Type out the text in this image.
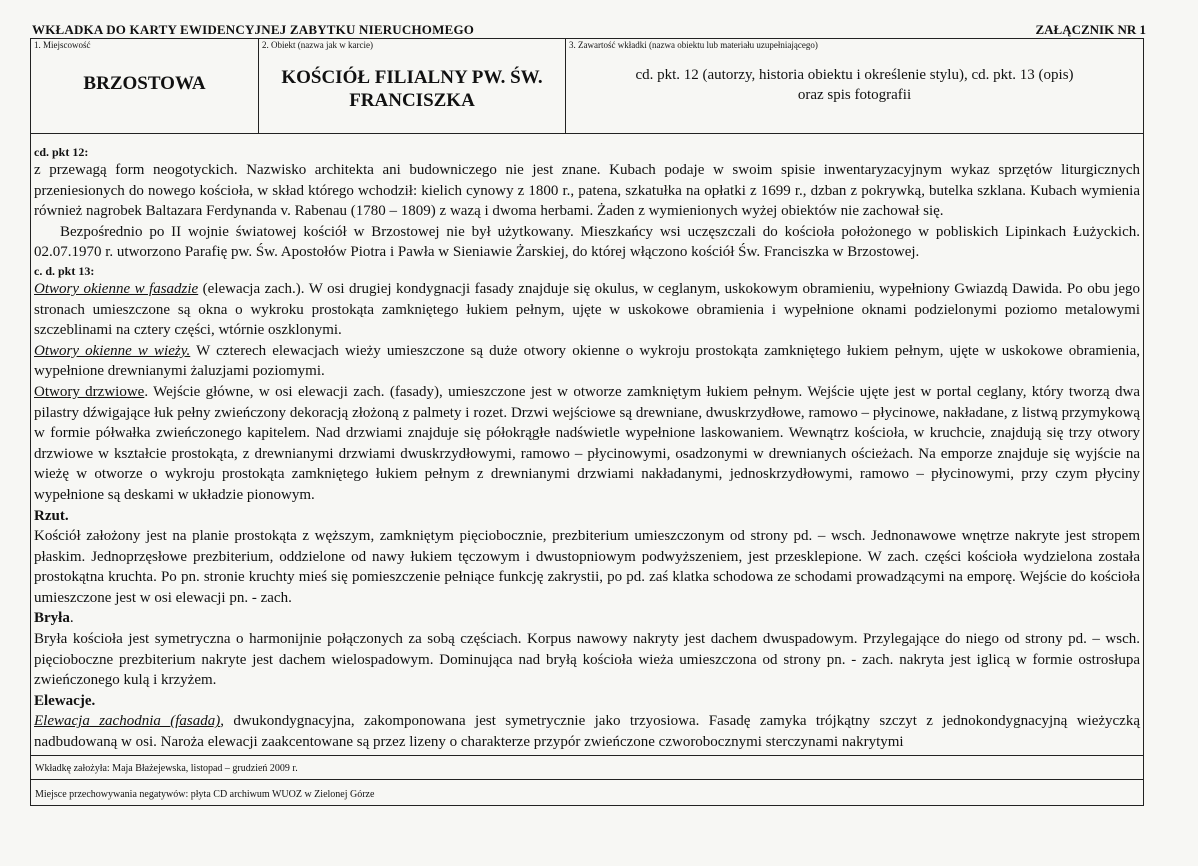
WKŁADKA DO KARTY EWIDENCYJNEJ ZABYTKU NIERUCHOMEGO	ZAŁĄCZNIK NR 1
1. Miejscowość
BRZOSTOWA
2. Obiekt (nazwa jak w karcie)
KOŚCIÓŁ FILIALNY PW. ŚW.
FRANCISZKA
3. Zawartość wkładki (nazwa obiektu lub materiału uzupełniającego)
cd. pkt. 12 (autorzy, historia obiektu i określenie stylu), cd. pkt. 13 (opis)
oraz spis fotografii

cd. pkt 12:

z przewagą form neogotyckich. Nazwisko architekta ani budowniczego nie jest znane. Kubach podaje w swoim spisie inwentaryzacyjnym wykaz sprzętów liturgicznych przeniesionych do nowego kościoła, w skład którego wchodził: kielich cynowy z 1800 r., patena, szkatułka na opłatki z 1699 r., dzban z pokrywką, butelka szklana. Kubach wymienia również nagrobek Baltazara Ferdynanda v. Rabenau (1780 – 1809) z wazą i dwoma herbami. Żaden z wymienionych wyżej obiektów nie zachował się.

Bezpośrednio po II wojnie światowej kościół w Brzostowej nie był użytkowany. Mieszkańcy wsi uczęszczali do kościoła położonego w pobliskich Lipinkach Łużyckich. 02.07.1970 r. utworzono Parafię pw. Św. Apostołów Piotra i Pawła w Sieniawie Żarskiej, do której włączono kościół Św. Franciszka w Brzostowej.

c. d. pkt 13:

Otwory okienne w fasadzie (elewacja zach.). W osi drugiej kondygnacji fasady znajduje się okulus, w ceglanym, uskokowym obramieniu, wypełniony Gwiazdą Dawida. Po obu jego stronach umieszczone są okna o wykroku prostokąta zamkniętego łukiem pełnym, ujęte w uskokowe obramienia i wypełnione oknami podzielonymi poziomo metalowymi szczeblinami na cztery części, wtórnie oszklonymi.

Otwory okienne w wieży. W czterech elewacjach wieży umieszczone są duże otwory okienne o wykroju prostokąta zamkniętego łukiem pełnym, ujęte w uskokowe obramienia, wypełnione drewnianymi żaluzjami poziomymi.

Otwory drzwiowe. Wejście główne, w osi elewacji zach. (fasady), umieszczone jest w otworze zamkniętym łukiem pełnym. Wejście ujęte jest w portal ceglany, który tworzą dwa pilastry dźwigające łuk pełny zwieńczony dekoracją złożoną z palmety i rozet. Drzwi wejściowe są drewniane, dwuskrzydłowe, ramowo – płycinowe, nakładane, z listwą przymykową w formie półwałka zwieńczonego kapitelem. Nad drzwiami znajduje się półokrągłe nadświetle wypełnione laskowaniem. Wewnątrz kościoła, w kruchcie, znajdują się trzy otwory drzwiowe w kształcie prostokąta, z drewnianymi drzwiami dwuskrzydłowymi, ramowo – płycinowymi, osadzonymi w drewnianych ościeżach. Na emporze znajduje się wyjście na wieżę w otworze o wykroju prostokąta zamkniętego łukiem pełnym z drewnianymi drzwiami nakładanymi, jednoskrzydłowymi, ramowo – płycinowymi, przy czym płyciny wypełnione są deskami w układzie pionowym.

Rzut.

Kościół założony jest na planie prostokąta z węższym, zamkniętym pięciobocznie, prezbiterium umieszczonym od strony pd. – wsch. Jednonawowe wnętrze nakryte jest stropem płaskim. Jednoprzęsłowe prezbiterium, oddzielone od nawy łukiem tęczowym i dwustopniowym podwyższeniem, jest przesklepione. W zach. części kościoła wydzielona została prostokątna kruchta. Po pn. stronie kruchty mieś się pomieszczenie pełniące funkcję zakrystii, po pd. zaś klatka schodowa ze schodami prowadzącymi na emporę. Wejście do kościoła umieszczone jest w osi elewacji pn. - zach.

Bryła.

Bryła kościoła jest symetryczna o harmonijnie połączonych za sobą częściach. Korpus nawowy nakryty jest dachem dwuspadowym. Przylegające do niego od strony pd. – wsch. pięcioboczne prezbiterium nakryte jest dachem wielospadowym. Dominująca nad bryłą kościoła wieża umieszczona od strony pn. - zach. nakryta jest iglicą w formie ostrosłupa zwieńczonego kulą i krzyżem.

Elewacje.

Elewacja zachodnia (fasada), dwukondygnacyjna, zakomponowana jest symetrycznie jako trzyosiowa. Fasadę zamyka trójkątny szczyt z jednokondygnacyjną wieżyczką nadbudowaną w osi. Naroża elewacji zaakcentowane są przez lizeny o charakterze przypór zwieńczone czworobocznymi sterczynami nakrytymi

Wkładkę założyła: Maja Błażejewska, listopad – grudzień 2009 r.
Miejsce przechowywania negatywów: płyta CD archiwum WUOZ w Zielonej Górze
